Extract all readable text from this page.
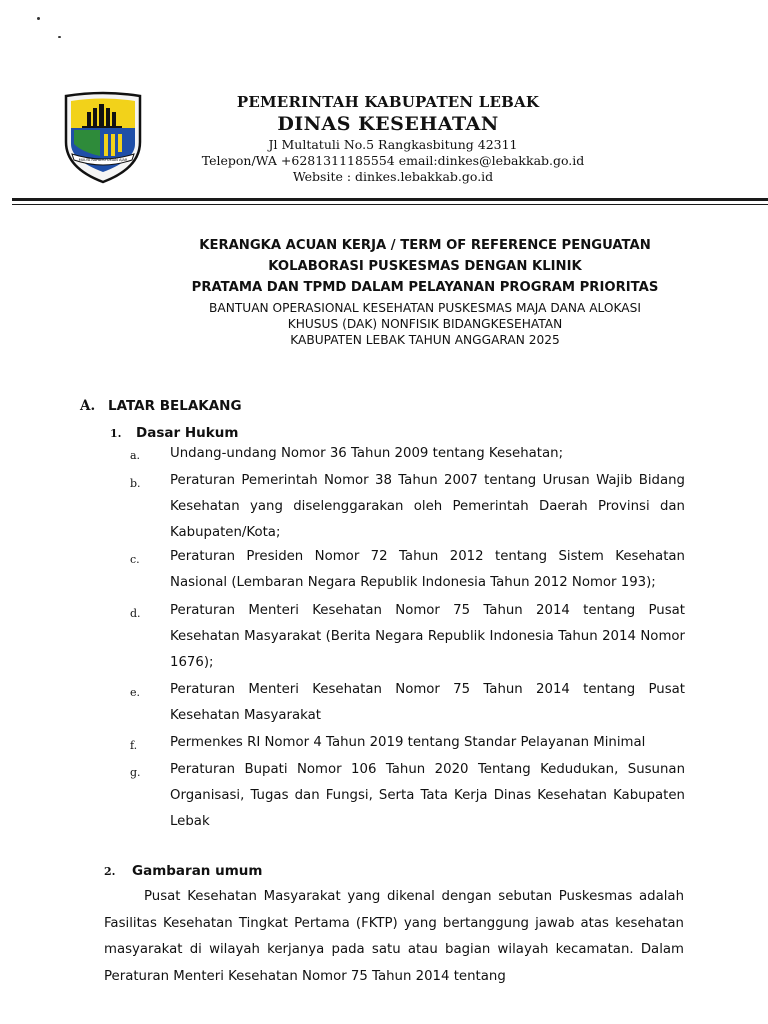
MULYA RAHAYU UMAN AJAR
PEMERINTAH KABUPATEN LEBAK
DINAS KESEHATAN
Jl Multatuli No.5 Rangkasbitung 42311
Telepon/WA +6281311185554 email:dinkes@lebakkab.go.id
Website : dinkes.lebakkab.go.id
KERANGKA ACUAN KERJA / TERM OF REFERENCE PENGUATAN
KOLABORASI PUSKESMAS DENGAN KLINIK
PRATAMA DAN TPMD DALAM PELAYANAN PROGRAM PRIORITAS
BANTUAN OPERASIONAL KESEHATAN PUSKESMAS MAJA DANA ALOKASI
KHUSUS (DAK) NONFISIK BIDANGKESEHATAN
KABUPATEN LEBAK TAHUN ANGGARAN 2025
A. LATAR BELAKANG
1. Dasar Hukum
a. Undang-undang Nomor 36 Tahun 2009 tentang Kesehatan;
b. Peraturan Pemerintah Nomor 38 Tahun 2007 tentang Urusan Wajib Bidang Kesehatan yang diselenggarakan oleh Pemerintah Daerah Provinsi dan Kabupaten/Kota;
c. Peraturan Presiden Nomor 72 Tahun 2012 tentang Sistem Kesehatan Nasional (Lembaran Negara Republik Indonesia Tahun 2012 Nomor 193);
d. Peraturan Menteri Kesehatan Nomor 75 Tahun 2014 tentang Pusat Kesehatan Masyarakat (Berita Negara Republik Indonesia Tahun 2014 Nomor 1676);
e. Peraturan Menteri Kesehatan Nomor 75 Tahun 2014 tentang Pusat Kesehatan Masyarakat
f. Permenkes RI Nomor 4 Tahun 2019 tentang Standar Pelayanan Minimal
g. Peraturan Bupati Nomor 106 Tahun 2020 Tentang Kedudukan, Susunan Organisasi, Tugas dan Fungsi, Serta Tata Kerja Dinas Kesehatan Kabupaten Lebak
2. Gambaran umum
Pusat Kesehatan Masyarakat yang dikenal dengan sebutan Puskesmas adalah Fasilitas Kesehatan Tingkat Pertama (FKTP) yang bertanggung jawab atas kesehatan masyarakat di wilayah kerjanya pada satu atau bagian wilayah kecamatan. Dalam Peraturan Menteri Kesehatan Nomor 75 Tahun 2014 tentang
